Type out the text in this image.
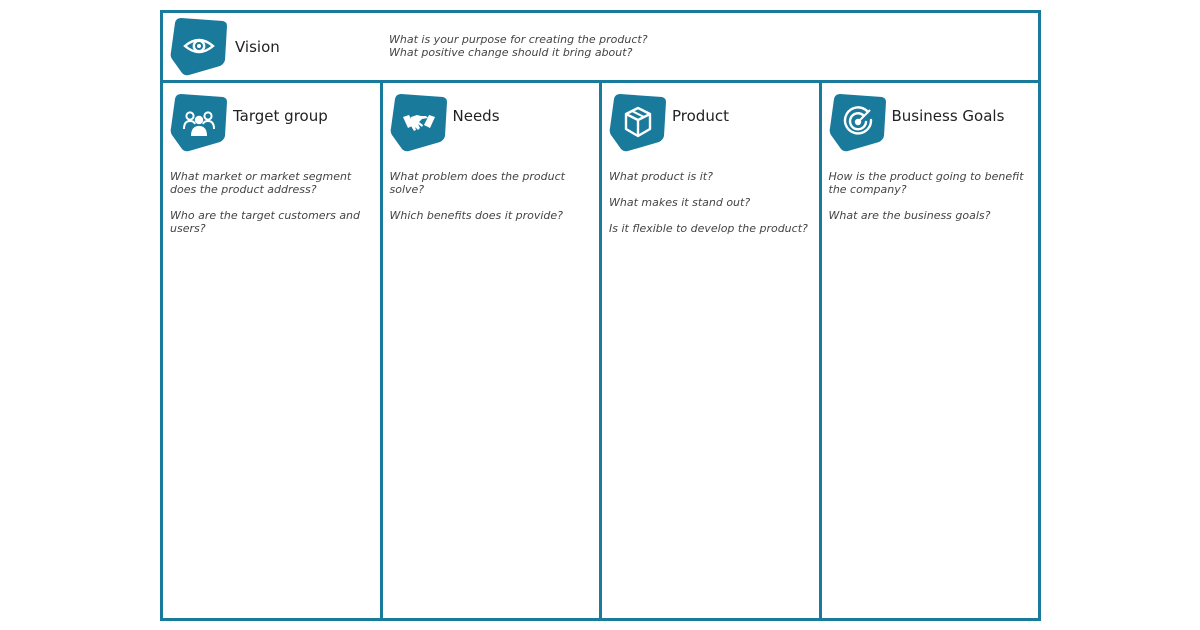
Vision	What is your purpose for creating the product?
What positive change should it bring about?
Target group
What market or market segment does the product address?
Who are the target customers and users?
Needs
What problem does the product solve?
Which benefits does it provide?
Product
What product is it?
What makes it stand out?
Is it flexible to develop the product?
Business Goals
How is the product going to benefit the company?
What are the business goals?
